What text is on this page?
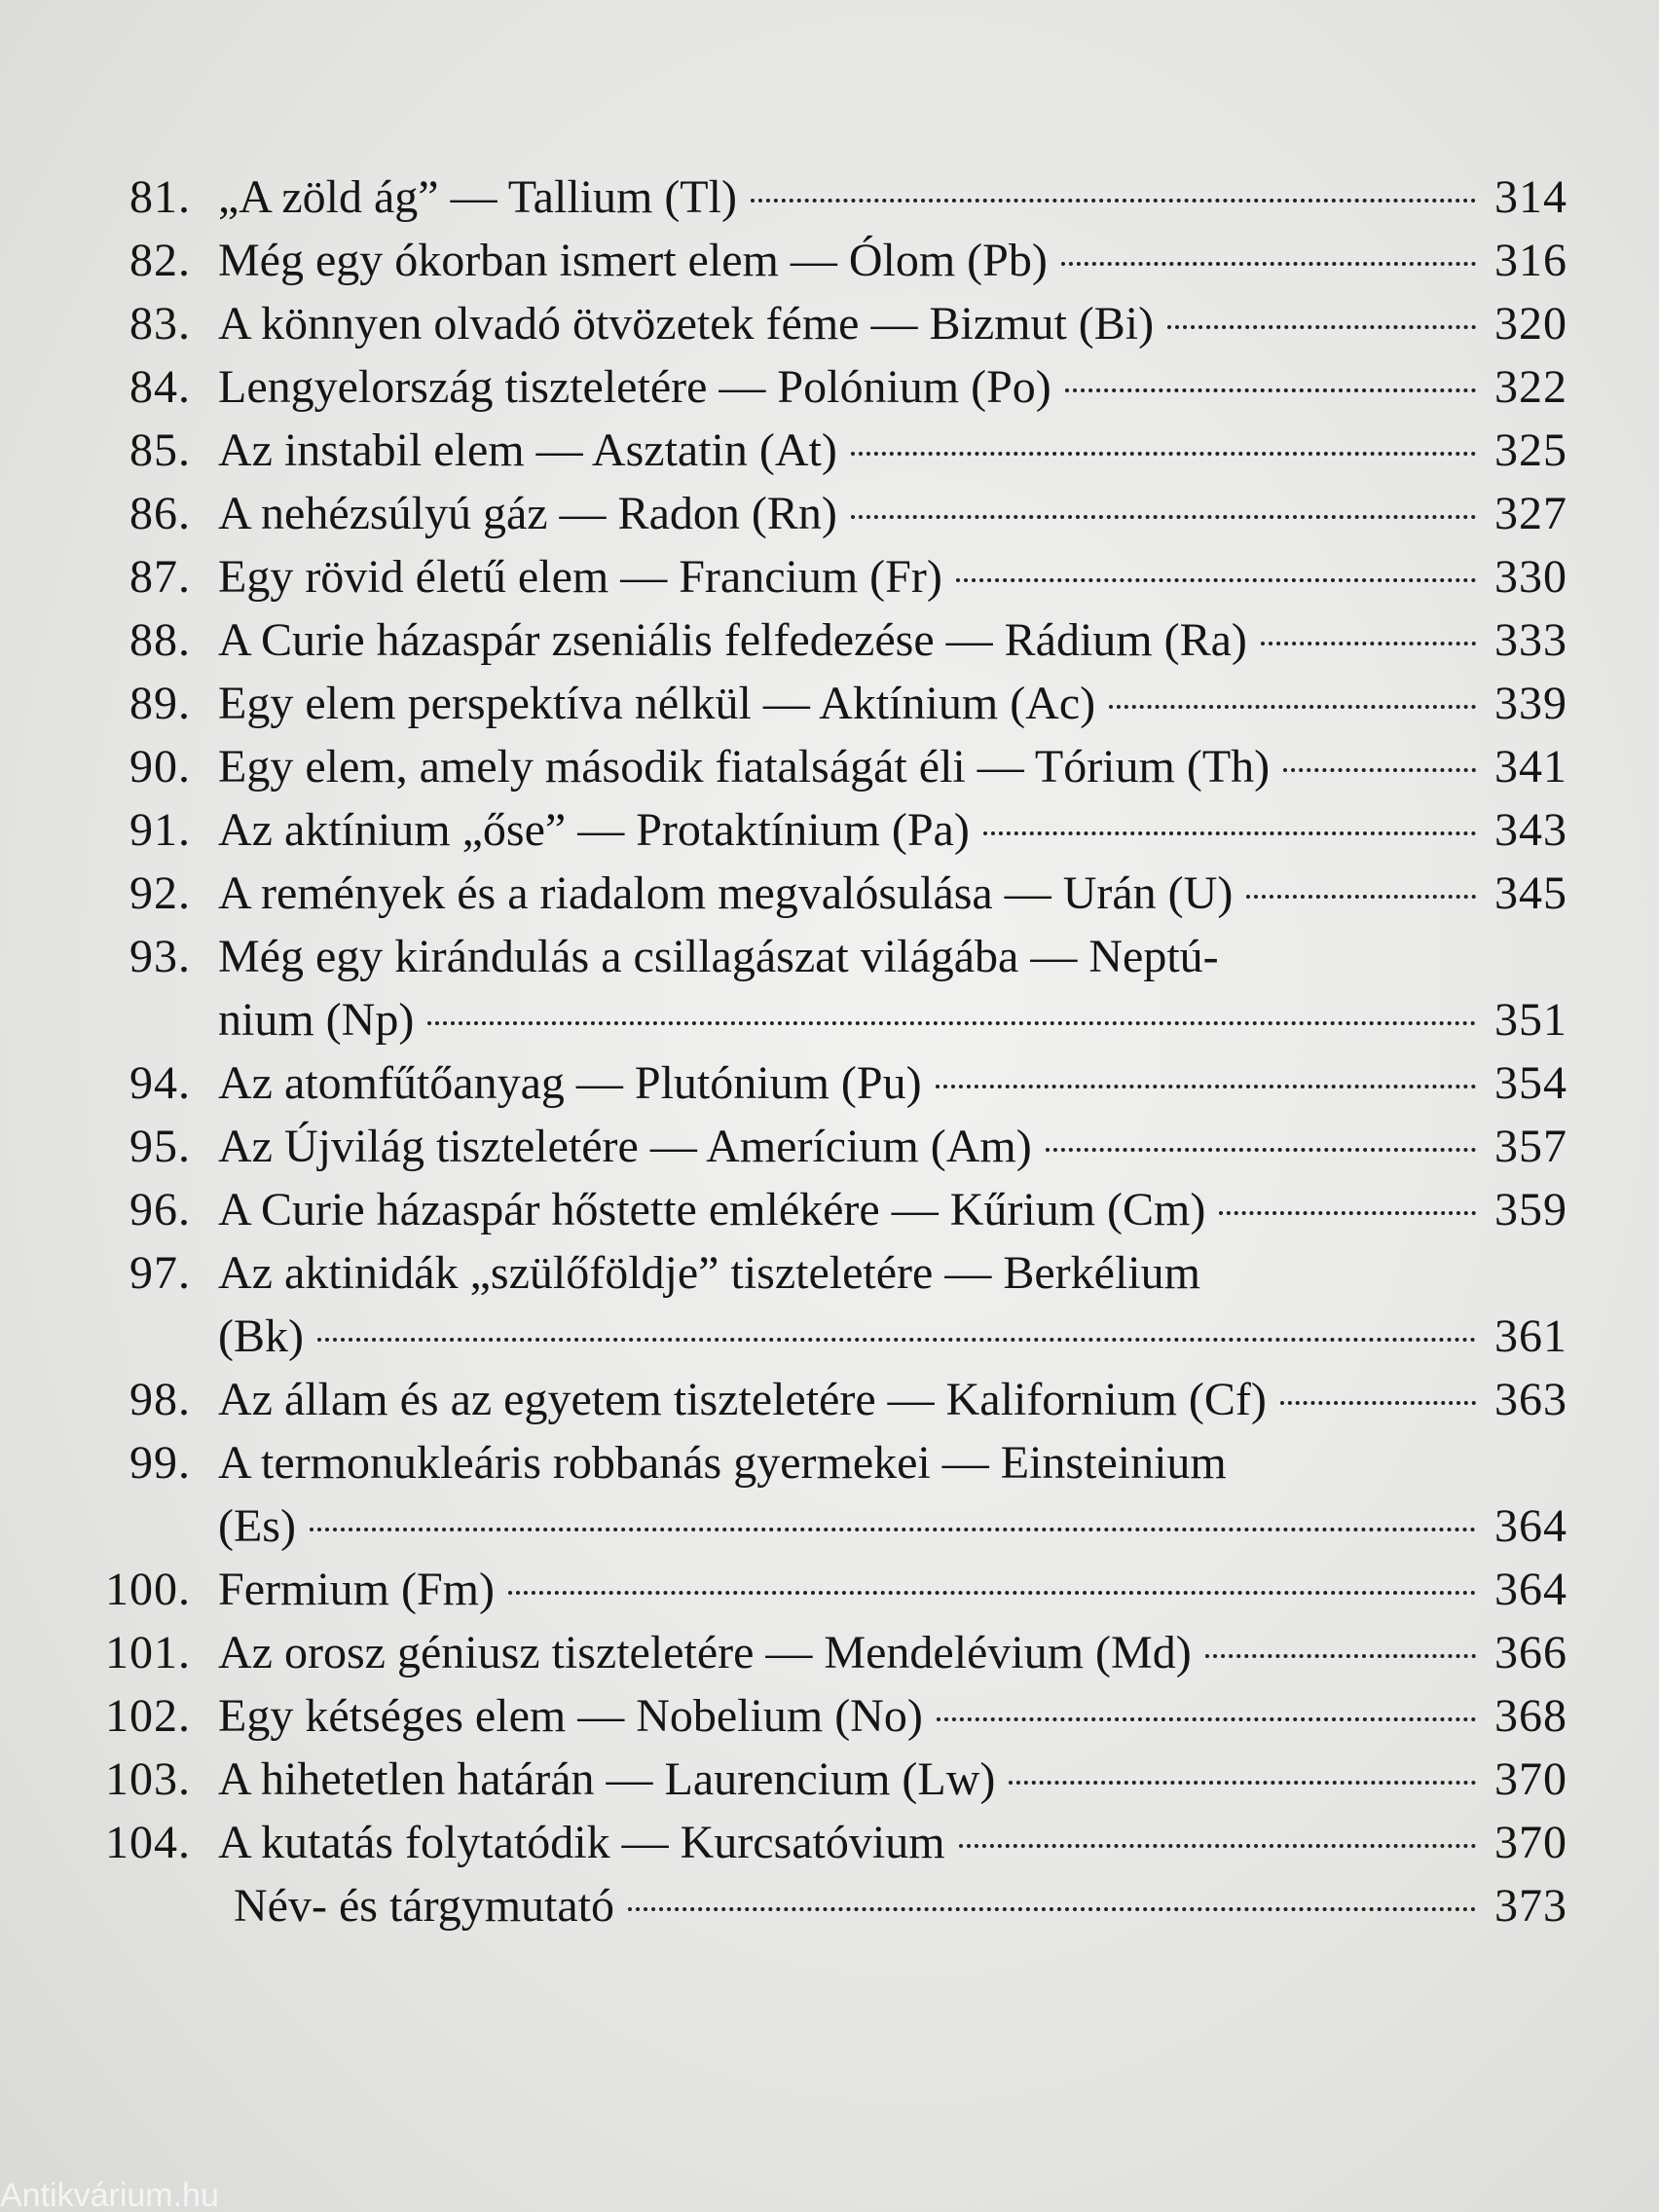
81. „A zöld ág” — Tallium (Tl)	314
82. Még egy ókorban ismert elem — Ólom (Pb)	316
83. A könnyen olvadó ötvözetek féme — Bizmut (Bi)	320
84. Lengyelország tiszteletére — Polónium (Po)	322
85. Az instabil elem — Asztatin (At)	325
86. A nehézsúlyú gáz — Radon (Rn)	327
87. Egy rövid életű elem — Francium (Fr)	330
88. A Curie házaspár zseniális felfedezése — Rádium (Ra)	333
89. Egy elem perspektíva nélkül — Aktínium (Ac)	339
90. Egy elem, amely második fiatalságát éli — Tórium (Th)	341
91. Az aktínium „őse” — Protaktínium (Pa)	343
92. A remények és a riadalom megvalósulása — Urán (U)	345
93. Még egy kirándulás a csillagászat világába — Neptú-
nium (Np)	351
94. Az atomfűtőanyag — Plutónium (Pu)	354
95. Az Újvilág tiszteletére — Amerícium (Am)	357
96. A Curie házaspár hőstette emlékére — Kűrium (Cm)	359
97. Az aktinidák „szülőföldje” tiszteletére — Berkélium
(Bk)	361
98. Az állam és az egyetem tiszteletére — Kalifornium (Cf)	363
99. A termonukleáris robbanás gyermekei — Einsteinium
(Es)	364
100. Fermium (Fm)	364
101. Az orosz géniusz tiszteletére — Mendelévium (Md)	366
102. Egy kétséges elem — Nobelium (No)	368
103. A hihetetlen határán — Laurencium (Lw)	370
104. A kutatás folytatódik — Kurcsatóvium	370
Név- és tárgymutató	373
Antikvárium.hu
